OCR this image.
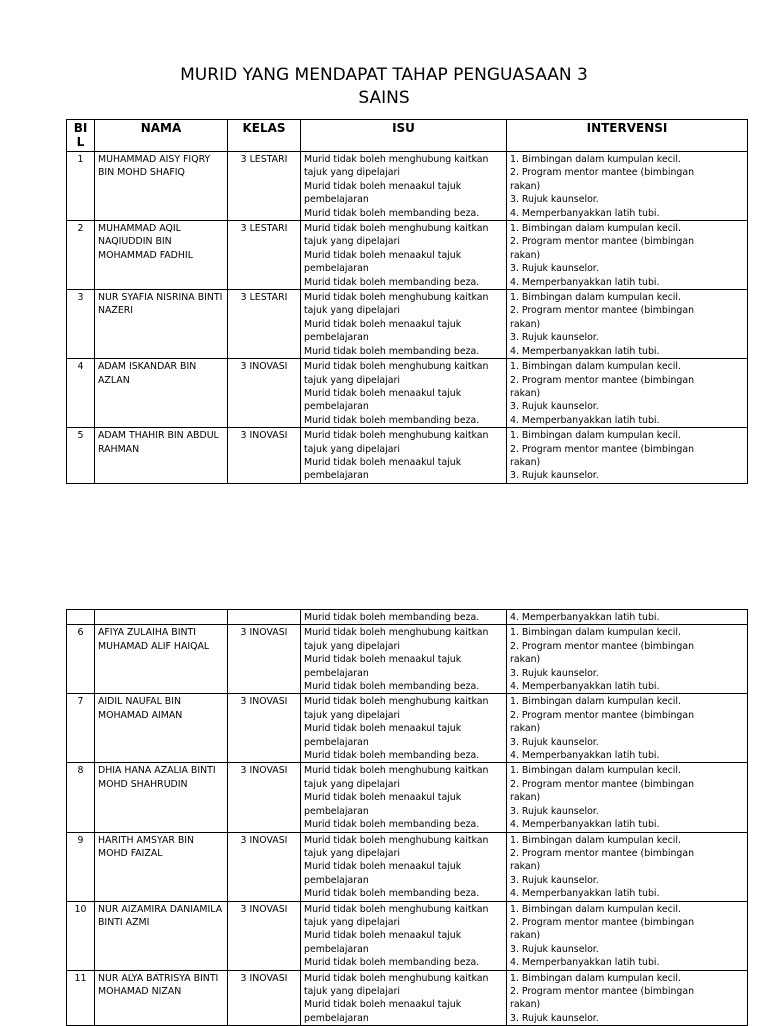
MURID YANG MENDAPAT TAHAP PENGUASAAN 3
SAINS
BI
L	NAMA	KELAS	ISU	INTERVENSI
1	MUHAMMAD AISY FIQRY BIN MOHD SHAFIQ	3 LESTARI	Murid tidak boleh menghubung kaitkan
tajuk yang dipelajari
Murid tidak boleh menaakul tajuk
pembelajaran
Murid tidak boleh membanding beza.	1. Bimbingan dalam kumpulan kecil.
2. Program mentor mantee (bimbingan
rakan)
3. Rujuk kaunselor.
4. Memperbanyakkan latih tubi.

2	MUHAMMAD AQIL NAQIUDDIN BIN MOHAMMAD FADHIL	3 LESTARI	Murid tidak boleh menghubung kaitkan
tajuk yang dipelajari
Murid tidak boleh menaakul tajuk
pembelajaran
Murid tidak boleh membanding beza.	1. Bimbingan dalam kumpulan kecil.
2. Program mentor mantee (bimbingan
rakan)
3. Rujuk kaunselor.
4. Memperbanyakkan latih tubi.

3	NUR SYAFIA NISRINA BINTI NAZERI	3 LESTARI	Murid tidak boleh menghubung kaitkan
tajuk yang dipelajari
Murid tidak boleh menaakul tajuk
pembelajaran
Murid tidak boleh membanding beza.	1. Bimbingan dalam kumpulan kecil.
2. Program mentor mantee (bimbingan
rakan)
3. Rujuk kaunselor.
4. Memperbanyakkan latih tubi.

4	ADAM ISKANDAR BIN AZLAN	3 INOVASI	Murid tidak boleh menghubung kaitkan
tajuk yang dipelajari
Murid tidak boleh menaakul tajuk
pembelajaran
Murid tidak boleh membanding beza.	1. Bimbingan dalam kumpulan kecil.
2. Program mentor mantee (bimbingan
rakan)
3. Rujuk kaunselor.
4. Memperbanyakkan latih tubi.

5	ADAM THAHIR BIN ABDUL RAHMAN	3 INOVASI	Murid tidak boleh menghubung kaitkan
tajuk yang dipelajari
Murid tidak boleh menaakul tajuk
pembelajaran	1. Bimbingan dalam kumpulan kecil.
2. Program mentor mantee (bimbingan
rakan)
3. Rujuk kaunselor.

			Murid tidak boleh membanding beza.	4. Memperbanyakkan latih tubi.

6	AFIYA ZULAIHA BINTI MUHAMAD ALIF HAIQAL	3 INOVASI	Murid tidak boleh menghubung kaitkan
tajuk yang dipelajari
Murid tidak boleh menaakul tajuk
pembelajaran
Murid tidak boleh membanding beza.	1. Bimbingan dalam kumpulan kecil.
2. Program mentor mantee (bimbingan
rakan)
3. Rujuk kaunselor.
4. Memperbanyakkan latih tubi.

7	AIDIL NAUFAL BIN MOHAMAD AIMAN	3 INOVASI	Murid tidak boleh menghubung kaitkan
tajuk yang dipelajari
Murid tidak boleh menaakul tajuk
pembelajaran
Murid tidak boleh membanding beza.	1. Bimbingan dalam kumpulan kecil.
2. Program mentor mantee (bimbingan
rakan)
3. Rujuk kaunselor.
4. Memperbanyakkan latih tubi.

8	DHIA HANA AZALIA BINTI MOHD SHAHRUDIN	3 INOVASI	Murid tidak boleh menghubung kaitkan
tajuk yang dipelajari
Murid tidak boleh menaakul tajuk
pembelajaran
Murid tidak boleh membanding beza.	1. Bimbingan dalam kumpulan kecil.
2. Program mentor mantee (bimbingan
rakan)
3. Rujuk kaunselor.
4. Memperbanyakkan latih tubi.

9	HARITH AMSYAR BIN MOHD FAIZAL	3 INOVASI	Murid tidak boleh menghubung kaitkan
tajuk yang dipelajari
Murid tidak boleh menaakul tajuk
pembelajaran
Murid tidak boleh membanding beza.	1. Bimbingan dalam kumpulan kecil.
2. Program mentor mantee (bimbingan
rakan)
3. Rujuk kaunselor.
4. Memperbanyakkan latih tubi.

10	NUR AIZAMIRA DANIAMILA BINTI AZMI	3 INOVASI	Murid tidak boleh menghubung kaitkan
tajuk yang dipelajari
Murid tidak boleh menaakul tajuk
pembelajaran
Murid tidak boleh membanding beza.	1. Bimbingan dalam kumpulan kecil.
2. Program mentor mantee (bimbingan
rakan)
3. Rujuk kaunselor.
4. Memperbanyakkan latih tubi.

11	NUR ALYA BATRISYA BINTI MOHAMAD NIZAN	3 INOVASI	Murid tidak boleh menghubung kaitkan
tajuk yang dipelajari
Murid tidak boleh menaakul tajuk
pembelajaran	1. Bimbingan dalam kumpulan kecil.
2. Program mentor mantee (bimbingan
rakan)
3. Rujuk kaunselor.
